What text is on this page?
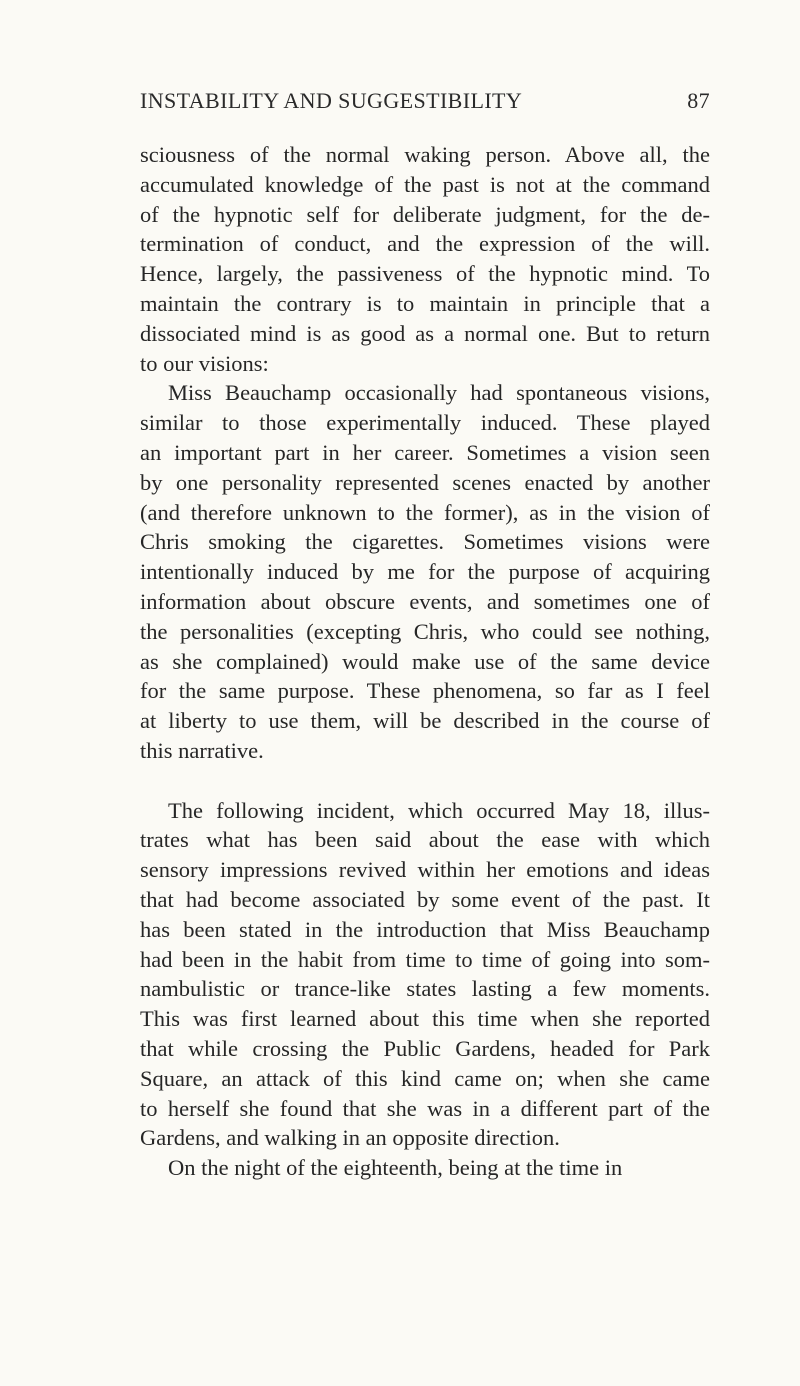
INSTABILITY AND SUGGESTIBILITY	87
sciousness of the normal waking person. Above all, the
accumulated knowledge of the past is not at the command
of the hypnotic self for deliberate judgment, for the de-
termination of conduct, and the expression of the will.
Hence, largely, the passiveness of the hypnotic mind. To
maintain the contrary is to maintain in principle that a
dissociated mind is as good as a normal one. But to return
to our visions:
Miss Beauchamp occasionally had spontaneous visions,
similar to those experimentally induced. These played
an important part in her career. Sometimes a vision seen
by one personality represented scenes enacted by another
(and therefore unknown to the former), as in the vision of
Chris smoking the cigarettes. Sometimes visions were
intentionally induced by me for the purpose of acquiring
information about obscure events, and sometimes one of
the personalities (excepting Chris, who could see nothing,
as she complained) would make use of the same device
for the same purpose. These phenomena, so far as I feel
at liberty to use them, will be described in the course of
this narrative.
The following incident, which occurred May 18, illus-
trates what has been said about the ease with which
sensory impressions revived within her emotions and ideas
that had become associated by some event of the past. It
has been stated in the introduction that Miss Beauchamp
had been in the habit from time to time of going into som-
nambulistic or trance-like states lasting a few moments.
This was first learned about this time when she reported
that while crossing the Public Gardens, headed for Park
Square, an attack of this kind came on; when she came
to herself she found that she was in a different part of the
Gardens, and walking in an opposite direction.
On the night of the eighteenth, being at the time in
